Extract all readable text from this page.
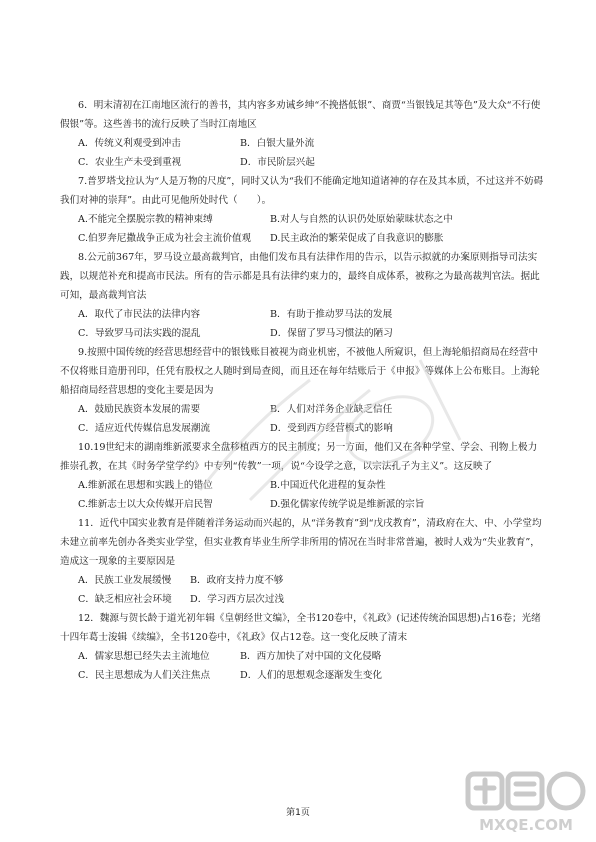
6．明末清初在江南地区流行的善书，其内容多劝诫乡绅“不挽搭低银”、商贾“当银钱足其等色”及大众“不行使假银”等。这些善书的流行反映了当时江南地区

A．传统义利观受到冲击	B．白银大量外流
C．农业生产未受到重视	D．市民阶层兴起

7.普罗塔戈拉认为“人是万物的尺度”，同时又认为“我们不能确定地知道诸神的存在及其本质，不过这并不妨碍我们对神的崇拜”。由此可见他所处时代（　　）。

A.不能完全摆脱宗教的精神束缚	B.对人与自然的认识仍处原始蒙昧状态之中
C.伯罗奔尼撒战争正成为社会主流价值观 D.民主政治的繁荣促成了自我意识的膨胀

8.公元前367年，罗马设立最高裁判官，由他们发布具有法律作用的告示，以告示拟就的办案原则指导司法实践，以规范补充和提高市民法。所有的告示都是具有法律约束力的，最终自成体系，被称之为最高裁判官法。据此可知，最高裁判官法

A．取代了市民法的法律内容	B．有助于推动罗马法的发展
C．导致罗马司法实践的混乱	D．保留了罗马习惯法的陋习

9.按照中国传统的经营思想经营中的银钱账目被视为商业机密，不被他人所窥识，但上海轮船招商局在经营中不仅将账目造册刊印，任凭有股权之人随时到局查阅，而且还在每年结账后于《申报》等媒体上公布账目。上海轮船招商局经营思想的变化主要是因为

A．鼓励民族资本发展的需要	B．人们对洋务企业缺乏信任
C．适应近代传媒信息发展潮流	D．受到西方经营模式的影响

10.19世纪末的湖南维新派要求全盘移植西方的民主制度；另一方面，他们又在各种学堂、学会、刊物上极力推崇孔教，在其《时务学堂学约》中专列“传教”一项，说“今设学之意，以宗法孔子为主义”。这反映了

A.维新派在思想和实践上的错位	B.中国近代化进程的复杂性
C.维新志士以大众传媒开启民智	D.强化儒家传统学说是维新派的宗旨

11．近代中国实业教育是伴随着洋务运动而兴起的，从“洋务教育”到“戊戌教育”，清政府在大、中、小学堂均未建立前率先创办各类实业学堂，但实业教育毕业生所学非所用的情况在当时非常普遍，被时人戏为“失业教育”，造成这一现象的主要原因是

A．民族工业发展缓慢 B．政府支持力度不够
C．缺乏相应社会环境 D．学习西方层次过浅

12．魏源与贺长龄于道光初年辑《皇朝经世文编》，全书120卷中，《礼政》(记述传统治国思想)占16卷；光绪十四年葛士浚辑《续编》，全书120卷中，《礼政》仅占12卷。这一变化反映了清末

A．儒家思想已经失去主流地位	B．西方加快了对中国的文化侵略
C．民主思想成为人们关注焦点	D．人们的思想观念逐渐发生变化
第1页
MXQE.COM
